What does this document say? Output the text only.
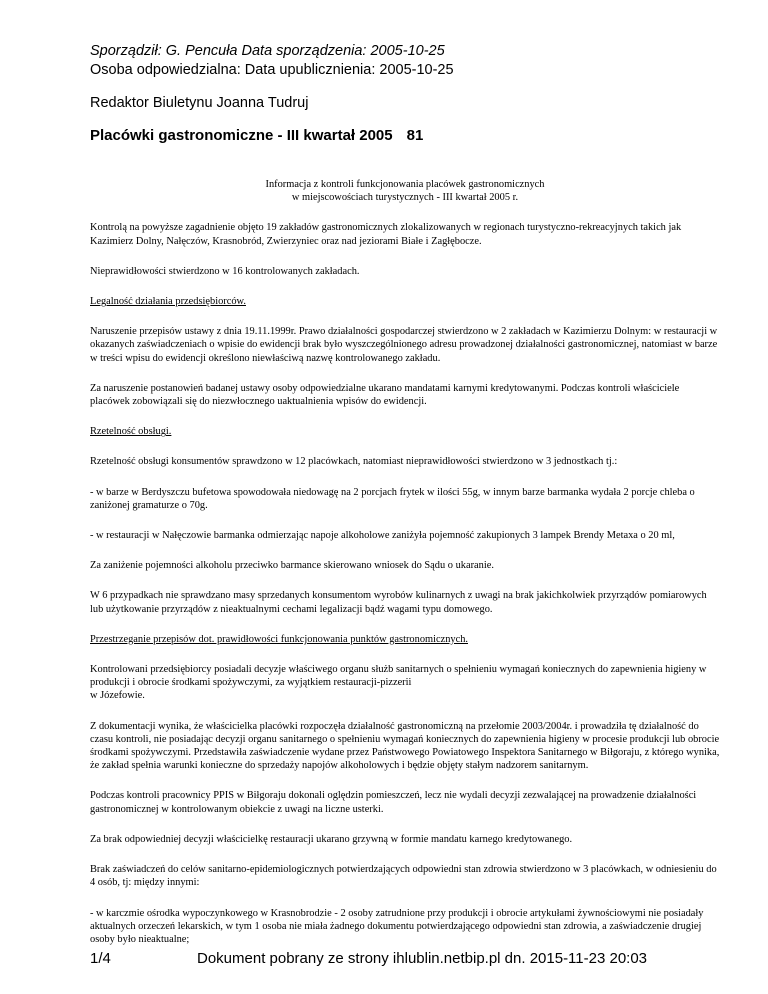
Sporządził: G. Pencuła Data sporządzenia: 2005-10-25
Osoba odpowiedzialna: Data upublicznienia: 2005-10-25
Redaktor Biuletynu Joanna Tudruj
Placówki gastronomiczne - III kwartał 2005 81
Informacja z kontroli funkcjonowania placówek gastronomicznych
w miejscowościach turystycznych - III kwartał 2005 r.
Kontrolą na powyższe zagadnienie objęto 19 zakładów gastronomicznych zlokalizowanych w regionach turystyczno-rekreacyjnych takich jak Kazimierz Dolny, Nałęczów, Krasnobród, Zwierzyniec oraz nad jeziorami Białe i Zagłębocze.
Nieprawidłowości stwierdzono w 16 kontrolowanych zakładach.
Legalność działania przedsiębiorców.
Naruszenie przepisów ustawy z dnia 19.11.1999r. Prawo działalności gospodarczej stwierdzono w 2 zakładach w Kazimierzu Dolnym: w restauracji w okazanych zaświadczeniach o wpisie do ewidencji brak było wyszczególnionego adresu prowadzonej działalności gastronomicznej, natomiast w barze w treści wpisu do ewidencji określono niewłaściwą nazwę kontrolowanego zakładu.
Za naruszenie postanowień badanej ustawy osoby odpowiedzialne ukarano mandatami karnymi kredytowanymi. Podczas kontroli właściciele placówek zobowiązali się do niezwłocznego uaktualnienia wpisów do ewidencji.
Rzetelność obsługi.
Rzetelność obsługi konsumentów sprawdzono w 12 placówkach, natomiast nieprawidłowości stwierdzono w 3 jednostkach tj.:
- w barze w Berdyszczu bufetowa spowodowała niedowagę na 2 porcjach frytek w ilości 55g, w innym barze barmanka wydała 2 porcje chleba o zaniżonej gramaturze o 70g.
- w restauracji w Nałęczowie barmanka odmierzając napoje alkoholowe zaniżyła pojemność zakupionych 3 lampek Brendy Metaxa o 20 ml,
Za zaniżenie pojemności alkoholu przeciwko barmance skierowano wniosek do Sądu o ukaranie.
W 6 przypadkach nie sprawdzano masy sprzedanych konsumentom wyrobów kulinarnych z uwagi na brak jakichkolwiek przyrządów pomiarowych lub użytkowanie przyrządów z nieaktualnymi cechami legalizacji bądź wagami typu domowego.
Przestrzeganie przepisów dot. prawidłowości funkcjonowania punktów gastronomicznych.
Kontrolowani przedsiębiorcy posiadali decyzje właściwego organu służb sanitarnych o spełnieniu wymagań koniecznych do zapewnienia higieny w produkcji i obrocie środkami spożywczymi, za wyjątkiem restauracji-pizzerii
w Józefowie.
Z dokumentacji wynika, że właścicielka placówki rozpoczęła działalność gastronomiczną na przełomie 2003/2004r. i prowadziła tę działalność do czasu kontroli, nie posiadając decyzji organu sanitarnego o spełnieniu wymagań koniecznych do zapewnienia higieny w procesie produkcji lub obrocie środkami spożywczymi. Przedstawiła zaświadczenie wydane przez Państwowego Powiatowego Inspektora Sanitarnego w Biłgoraju, z którego wynika, że zakład spełnia warunki konieczne do sprzedaży napojów alkoholowych i będzie objęty stałym nadzorem sanitarnym.
Podczas kontroli pracownicy PPIS w Biłgoraju dokonali oględzin pomieszczeń, lecz nie wydali decyzji zezwalającej na prowadzenie działalności gastronomicznej w kontrolowanym obiekcie z uwagi na liczne usterki.
Za brak odpowiedniej decyzji właścicielkę restauracji ukarano grzywną w formie mandatu karnego kredytowanego.
Brak zaświadczeń do celów sanitarno-epidemiologicznych potwierdzających odpowiedni stan zdrowia stwierdzono w 3 placówkach, w odniesieniu do 4 osób, tj: między innymi:
- w karczmie ośrodka wypoczynkowego w Krasnobrodzie - 2 osoby zatrudnione przy produkcji i obrocie artykułami żywnościowymi nie posiadały aktualnych orzeczeń lekarskich, w tym 1 osoba nie miała żadnego dokumentu potwierdzającego odpowiedni stan zdrowia, a zaświadczenie drugiej osoby było nieaktualne;
1/4	Dokument pobrany ze strony ihlublin.netbip.pl dn. 2015-11-23 20:03
